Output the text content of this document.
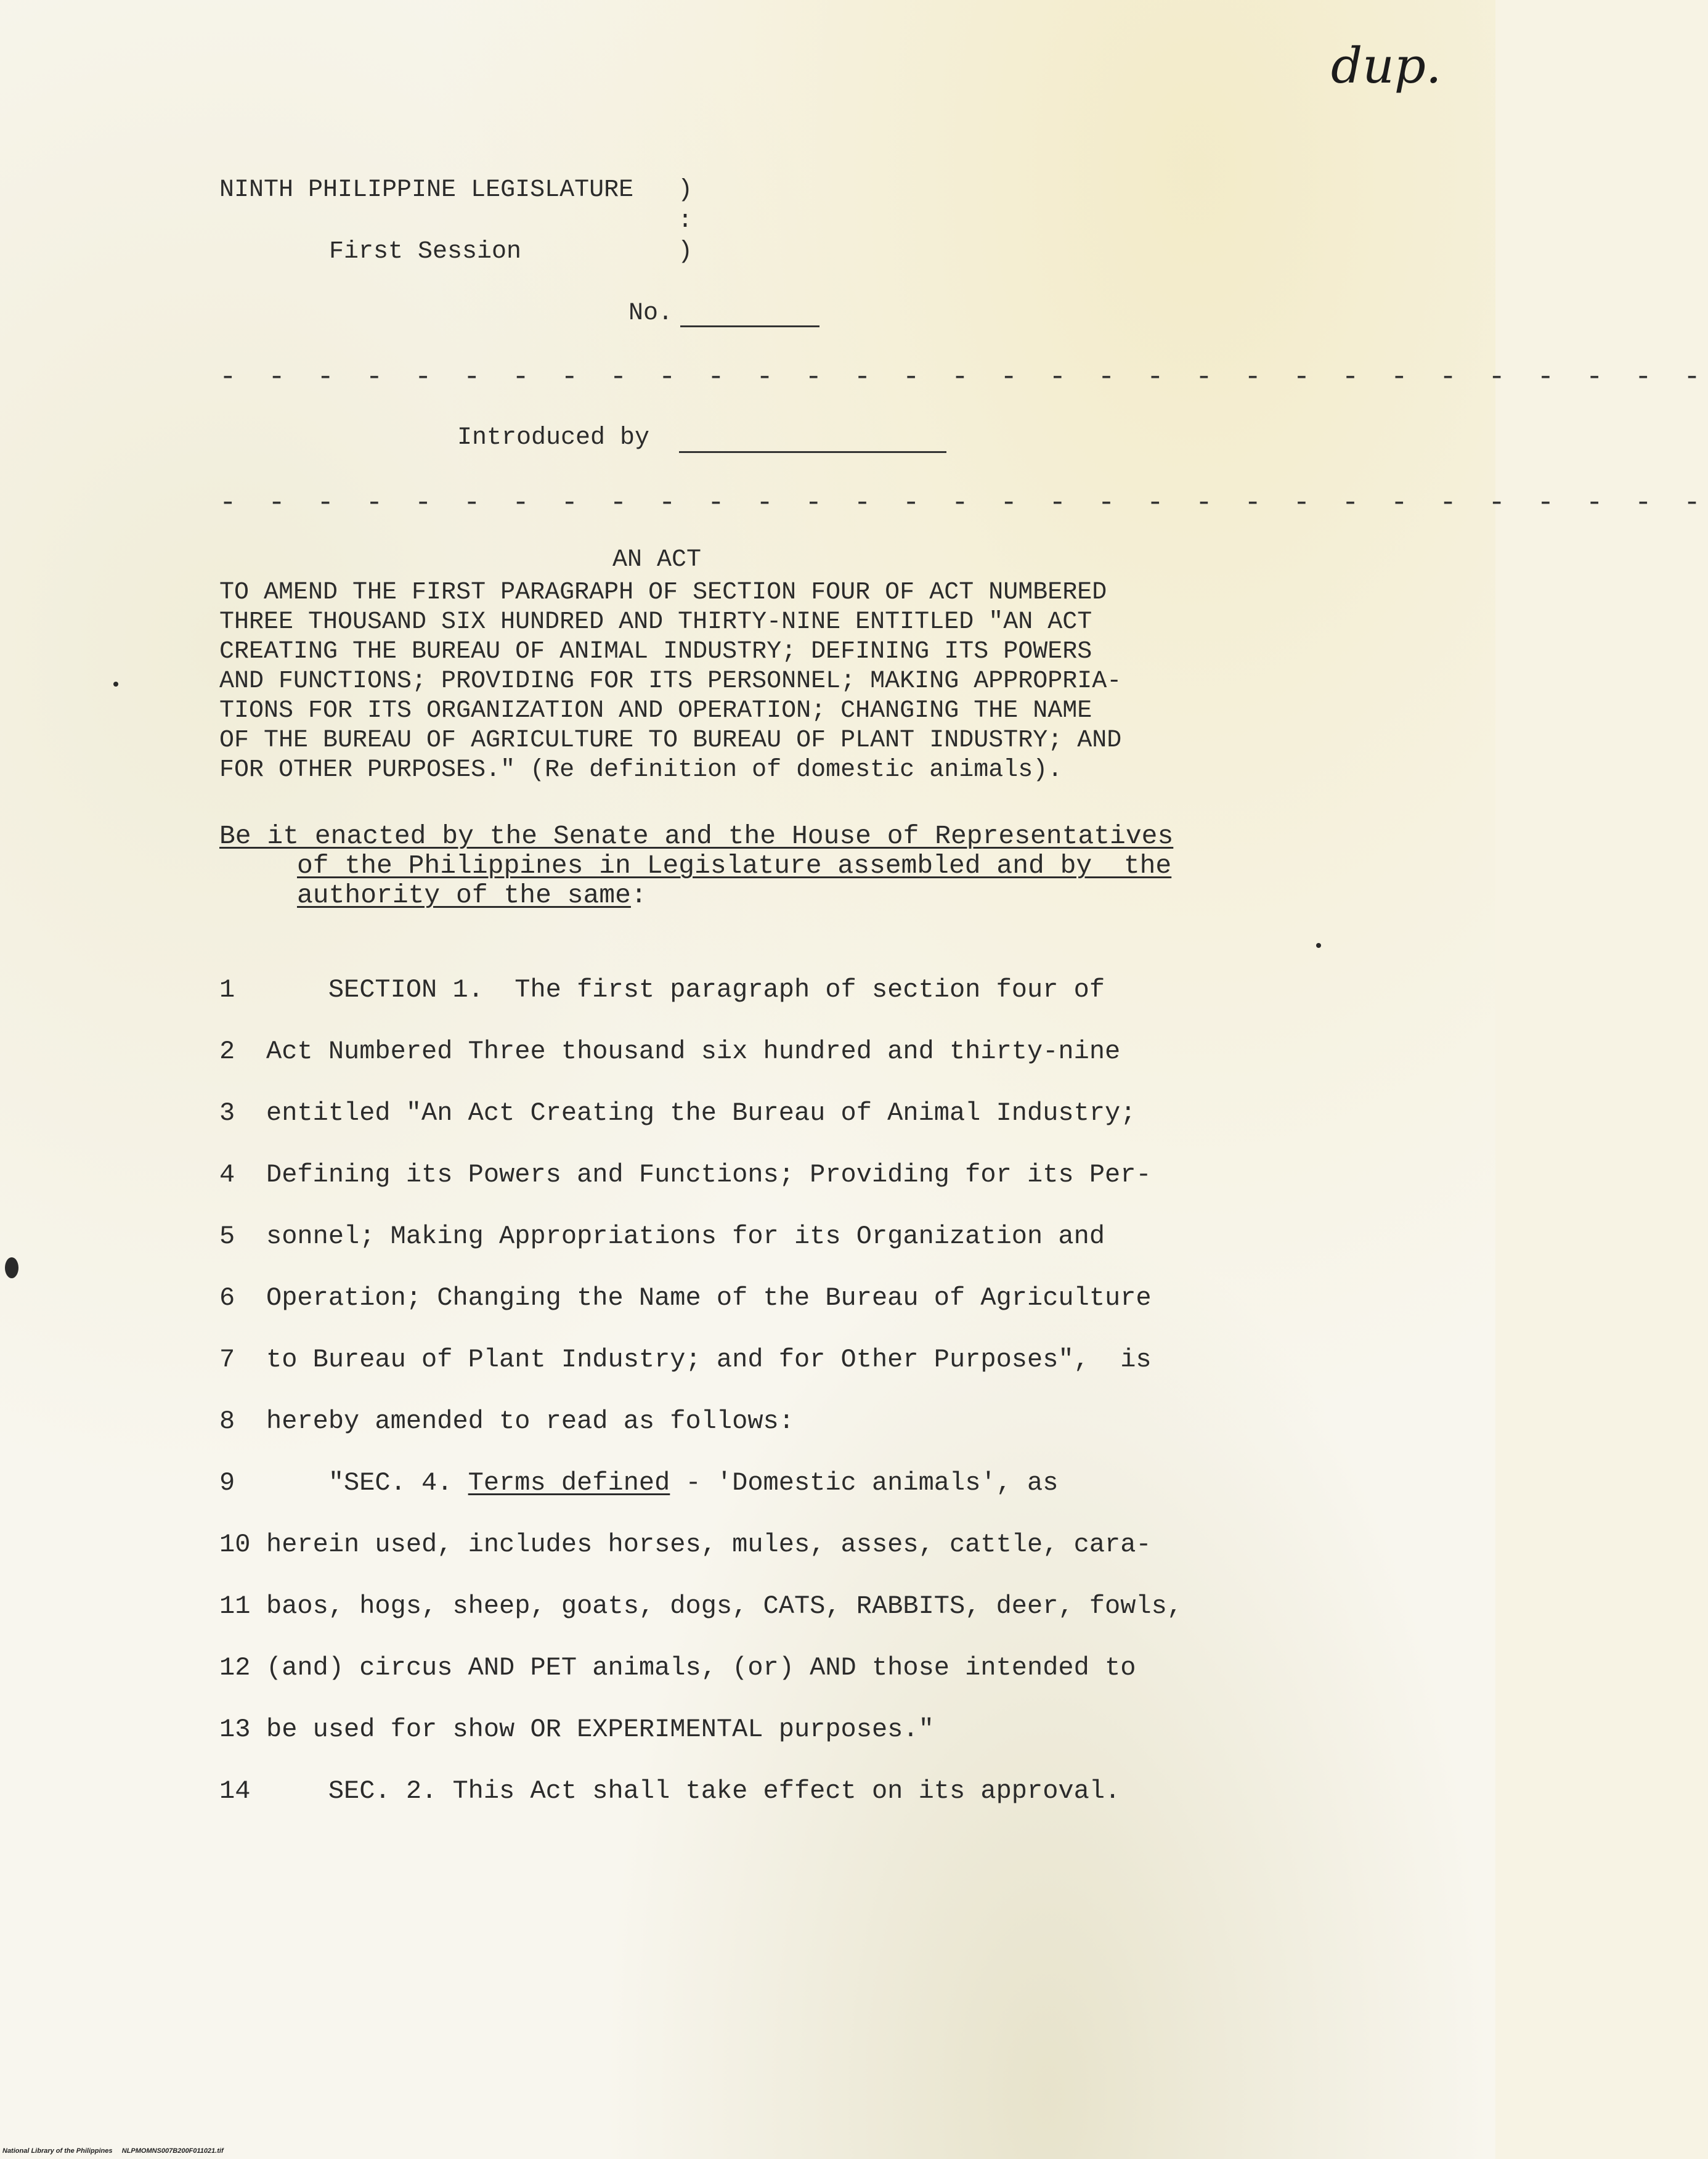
dup.
NINTH PHILIPPINE LEGISLATURE )
:
First Session	)
No.
- - - - - - - - - - - - - - - - - - - - - - - - - - - - - - -
Introduced by
- - - - - - - - - - - - - - - - - - - - - - - - - - - - - - -
AN ACT
TO AMEND THE FIRST PARAGRAPH OF SECTION FOUR OF ACT NUMBERED
THREE THOUSAND SIX HUNDRED AND THIRTY-NINE ENTITLED "AN ACT
CREATING THE BUREAU OF ANIMAL INDUSTRY; DEFINING ITS POWERS
AND FUNCTIONS; PROVIDING FOR ITS PERSONNEL; MAKING APPROPRIA-
TIONS FOR ITS ORGANIZATION AND OPERATION; CHANGING THE NAME
OF THE BUREAU OF AGRICULTURE TO BUREAU OF PLANT INDUSTRY; AND
FOR OTHER PURPOSES." (Re definition of domestic animals).
Be it enacted by the Senate and the House of Representatives
of the Philippines in Legislature assembled and by  the
authority of the same:
1	SECTION 1.  The first paragraph of section four of
2	Act Numbered Three thousand six hundred and thirty-nine
3	entitled "An Act Creating the Bureau of Animal Industry;
4	Defining its Powers and Functions; Providing for its Per-
5	sonnel; Making Appropriations for its Organization and
6	Operation; Changing the Name of the Bureau of Agriculture
7	to Bureau of Plant Industry; and for Other Purposes",  is
8	hereby amended to read as follows:
9	"SEC. 4. Terms defined - 'Domestic animals', as
10 herein used, includes horses, mules, asses, cattle, cara-
11 baos, hogs, sheep, goats, dogs, CATS, RABBITS, deer, fowls,
12 (and) circus AND PET animals, (or) AND those intended to
13 be used for show OR EXPERIMENTAL purposes."
14 SEC. 2. This Act shall take effect on its approval.
National Library of the Philippines     NLPMOMNS007B200F011021.tif
